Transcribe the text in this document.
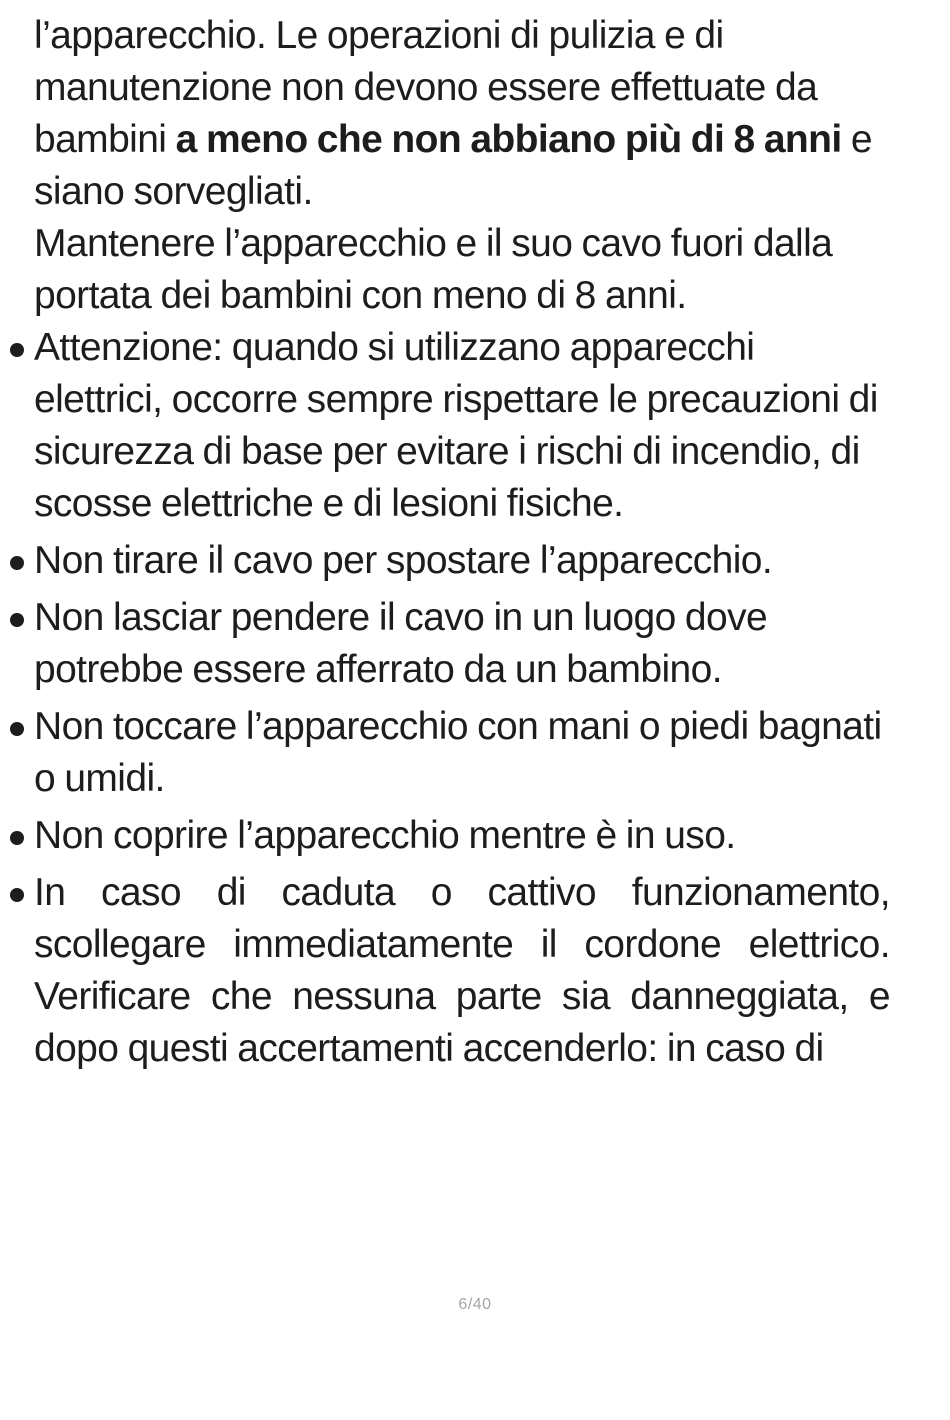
l’apparecchio. Le operazioni di pulizia e di manutenzione non devono essere effettuate da bambini a meno che non abbiano più di 8 anni e siano sorvegliati.

Mantenere l’apparecchio e il suo cavo fuori dalla portata dei bambini con meno di 8 anni.

Attenzione: quando si utilizzano apparecchi elettrici, occorre sempre rispettare le precauzioni di sicurezza di base per evitare i rischi di incendio, di scosse elettriche e di lesioni fisiche.
Non tirare il cavo per spostare l’apparecchio.
Non lasciar pendere il cavo in un luogo dove potrebbe essere afferrato da un bambino.
Non toccare l’apparecchio con mani o piedi bagnati o umidi.
Non coprire l’apparecchio mentre è in uso.
In caso di caduta o cattivo funzionamento, scollegare immediatamente il cordone elettrico. Verificare che nessuna parte sia danneggiata, e dopo questi accertamenti accenderlo: in caso di
6/40
